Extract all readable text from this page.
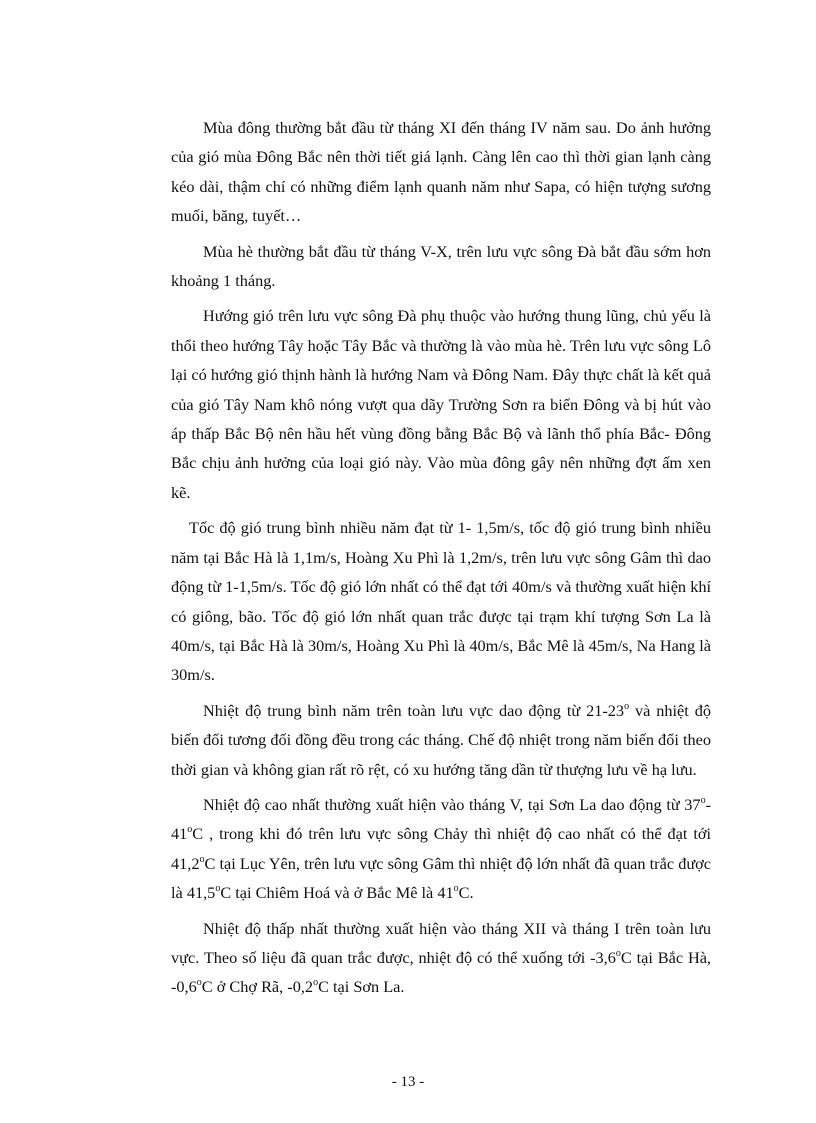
Mùa đông thường bắt đầu từ tháng XI đến tháng IV năm sau. Do ảnh hưởng của gió mùa Đông Bắc nên thời tiết giá lạnh. Càng lên cao thì thời gian lạnh càng kéo dài, thậm chí có những điểm lạnh quanh năm như Sapa, có hiện tượng sương muối, băng, tuyết…

Mùa hè thường bắt đầu từ tháng V-X, trên lưu vực sông Đà bắt đầu sớm hơn khoảng 1 tháng.

Hướng gió trên lưu vực sông Đà phụ thuộc vào hướng thung lũng, chủ yếu là thổi theo hướng Tây hoặc Tây Bắc và thường là vào mùa hè. Trên lưu vực sông Lô lại có hướng gió thịnh hành là hướng Nam và Đông Nam. Đây thực chất là kết quả của gió Tây Nam khô nóng vượt qua dãy Trường Sơn ra biển Đông và bị hút vào áp thấp Bắc Bộ nên hầu hết vùng đồng bằng Bắc Bộ và lãnh thổ phía Bắc- Đông Bắc chịu ảnh hưởng của loại gió này. Vào mùa đông gây nên những đợt ấm xen kẽ.

Tốc độ gió trung bình nhiều năm đạt từ 1- 1,5m/s, tốc độ gió trung bình nhiều năm tại Bắc Hà là 1,1m/s, Hoàng Xu Phì là 1,2m/s, trên lưu vực sông Gâm thì dao động từ 1-1,5m/s. Tốc độ gió lớn nhất có thể đạt tới 40m/s và thường xuất hiện khí có giông, bão. Tốc độ gió lớn nhất quan trắc được tại trạm khí tượng Sơn La là 40m/s, tại Bắc Hà là 30m/s, Hoàng Xu Phì là 40m/s, Bắc Mê là 45m/s, Na Hang là 30m/s.

Nhiệt độ trung bình năm trên toàn lưu vực dao động từ 21-23$^o$ và nhiệt độ biến đổi tương đối đồng đều trong các tháng. Chế độ nhiệt trong năm biến đổi theo thời gian và không gian rất rõ rệt, có xu hướng tăng dần từ thượng lưu về hạ lưu.

Nhiệt độ cao nhất thường xuất hiện vào tháng V, tại Sơn La dao động từ 37$^o$- 41$^o$C , trong khi đó trên lưu vực sông Chảy thì nhiệt độ cao nhất có thể đạt tới 41,2$^o$C tại Lục Yên, trên lưu vực sông Gâm thì nhiệt độ lớn nhất đã quan trắc được là 41,5$^o$C tại Chiêm Hoá và ở Bắc Mê là 41$^o$C.

Nhiệt độ thấp nhất thường xuất hiện vào tháng XII và tháng I trên toàn lưu vực. Theo số liệu đã quan trắc được, nhiệt độ có thể xuống tới -3,6$^o$C tại Bắc Hà, -0,6$^o$C ở Chợ Rã, -0,2$^o$C tại Sơn La.

- 13 -
